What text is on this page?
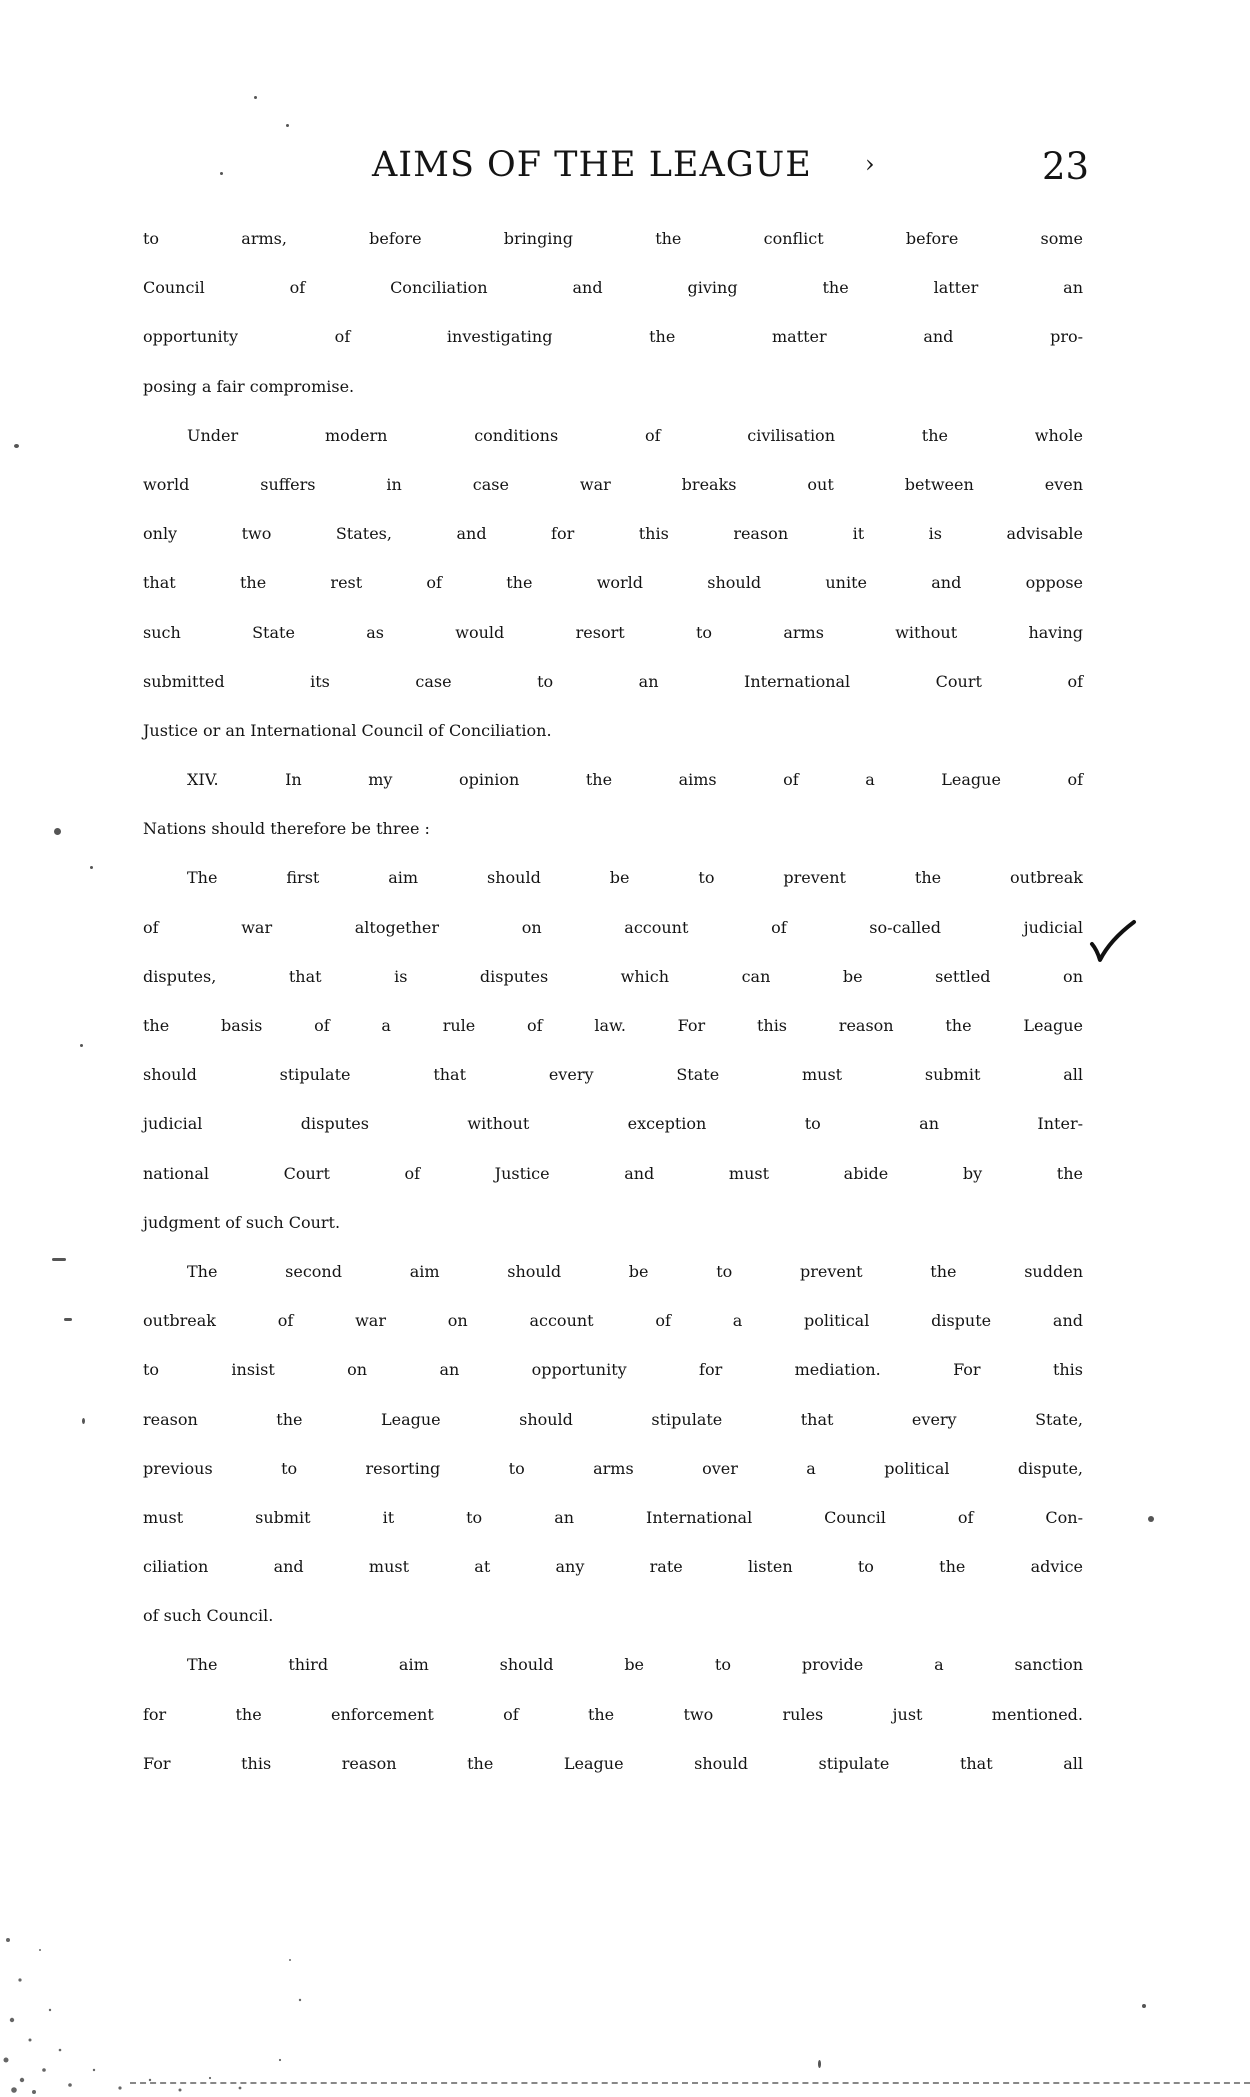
AIMS OF THE LEAGUE ›	23
to arms, before bringing the conflict before some
Council of Conciliation and giving the latter an
opportunity of investigating the matter and pro-
posing a fair compromise.
Under modern conditions of civilisation the whole
world suffers in case war breaks out between even
only two States, and for this reason it is advisable
that the rest of the world should unite and oppose
such State as would resort to arms without having
submitted its case to an International Court of
Justice or an International Council of Conciliation.
XIV. In my opinion the aims of a League of
Nations should therefore be three :
The first aim should be to prevent the outbreak
of war altogether on account of so-called judicial
disputes, that is disputes which can be settled on
the basis of a rule of law. For this reason the League
should stipulate that every State must submit all
judicial disputes without exception to an Inter-
national Court of Justice and must abide by the
judgment of such Court.
The second aim should be to prevent the sudden
outbreak of war on account of a political dispute and
to insist on an opportunity for mediation. For this
reason the League should stipulate that every State,
previous to resorting to arms over a political dispute,
must submit it to an International Council of Con-
ciliation and must at any rate listen to the advice
of such Council.
The third aim should be to provide a sanction
for the enforcement of the two rules just mentioned.
For this reason the League should stipulate that all
